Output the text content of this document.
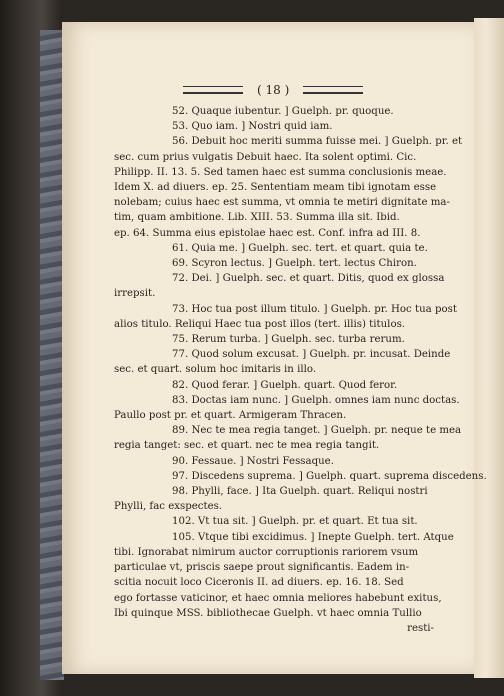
( 18 )
52. Quaque iubentur. ] Guelph. pr. quoque.
53. Quo iam. ] Nostri quid iam.
56. Debuit hoc meriti summa fuisse mei. ] Guelph. pr. et
sec. cum prius vulgatis Debuit haec. Ita solent optimi. Cic.
Philipp. II. 13. 5. Sed tamen haec est summa conclusionis meae.
Idem X. ad diuers. ep. 25. Sententiam meam tibi ignotam esse
nolebam; cuius haec est summa, vt omnia te metiri dignitate ma-
tim, quam ambitione. Lib. XIII. 53. Summa illa sit. Ibid.
ep. 64. Summa eius epistolae haec est. Conf. infra ad III. 8.
61. Quia me. ] Guelph. sec. tert. et quart. quia te.
69. Scyron lectus. ] Guelph. tert. lectus Chiron.
72. Dei. ] Guelph. sec. et quart. Ditis, quod ex glossa
irrepsit.
73. Hoc tua post illum titulo. ] Guelph. pr. Hoc tua post
alios titulo. Reliqui Haec tua post illos (tert. illis) titulos.
75. Rerum turba. ] Guelph. sec. turba rerum.
77. Quod solum excusat. ] Guelph. pr. incusat. Deinde
sec. et quart. solum hoc imitaris in illo.
82. Quod ferar. ] Guelph. quart. Quod feror.
83. Doctas iam nunc. ] Guelph. omnes iam nunc doctas.
Paullo post pr. et quart. Armigeram Thracen.
89. Nec te mea regia tanget. ] Guelph. pr. neque te mea
regia tanget: sec. et quart. nec te mea regia tangit.
90. Fessaue. ] Nostri Fessaque.
97. Discedens suprema. ] Guelph. quart. suprema discedens.
98. Phylli, face. ] Ita Guelph. quart. Reliqui nostri
Phylli, fac exspectes.
102. Vt tua sit. ] Guelph. pr. et quart. Et tua sit.
105. Vtque tibi excidimus. ] Inepte Guelph. tert. Atque
tibi. Ignorabat nimirum auctor corruptionis rariorem vsum
particulae vt, priscis saepe prout significantis. Eadem in-
scitia nocuit loco Ciceronis II. ad diuers. ep. 16. 18. Sed
ego fortasse vaticinor, et haec omnia meliores habebunt exitus,
Ibi quinque MSS. bibliothecae Guelph. vt haec omnia Tullio
resti-
